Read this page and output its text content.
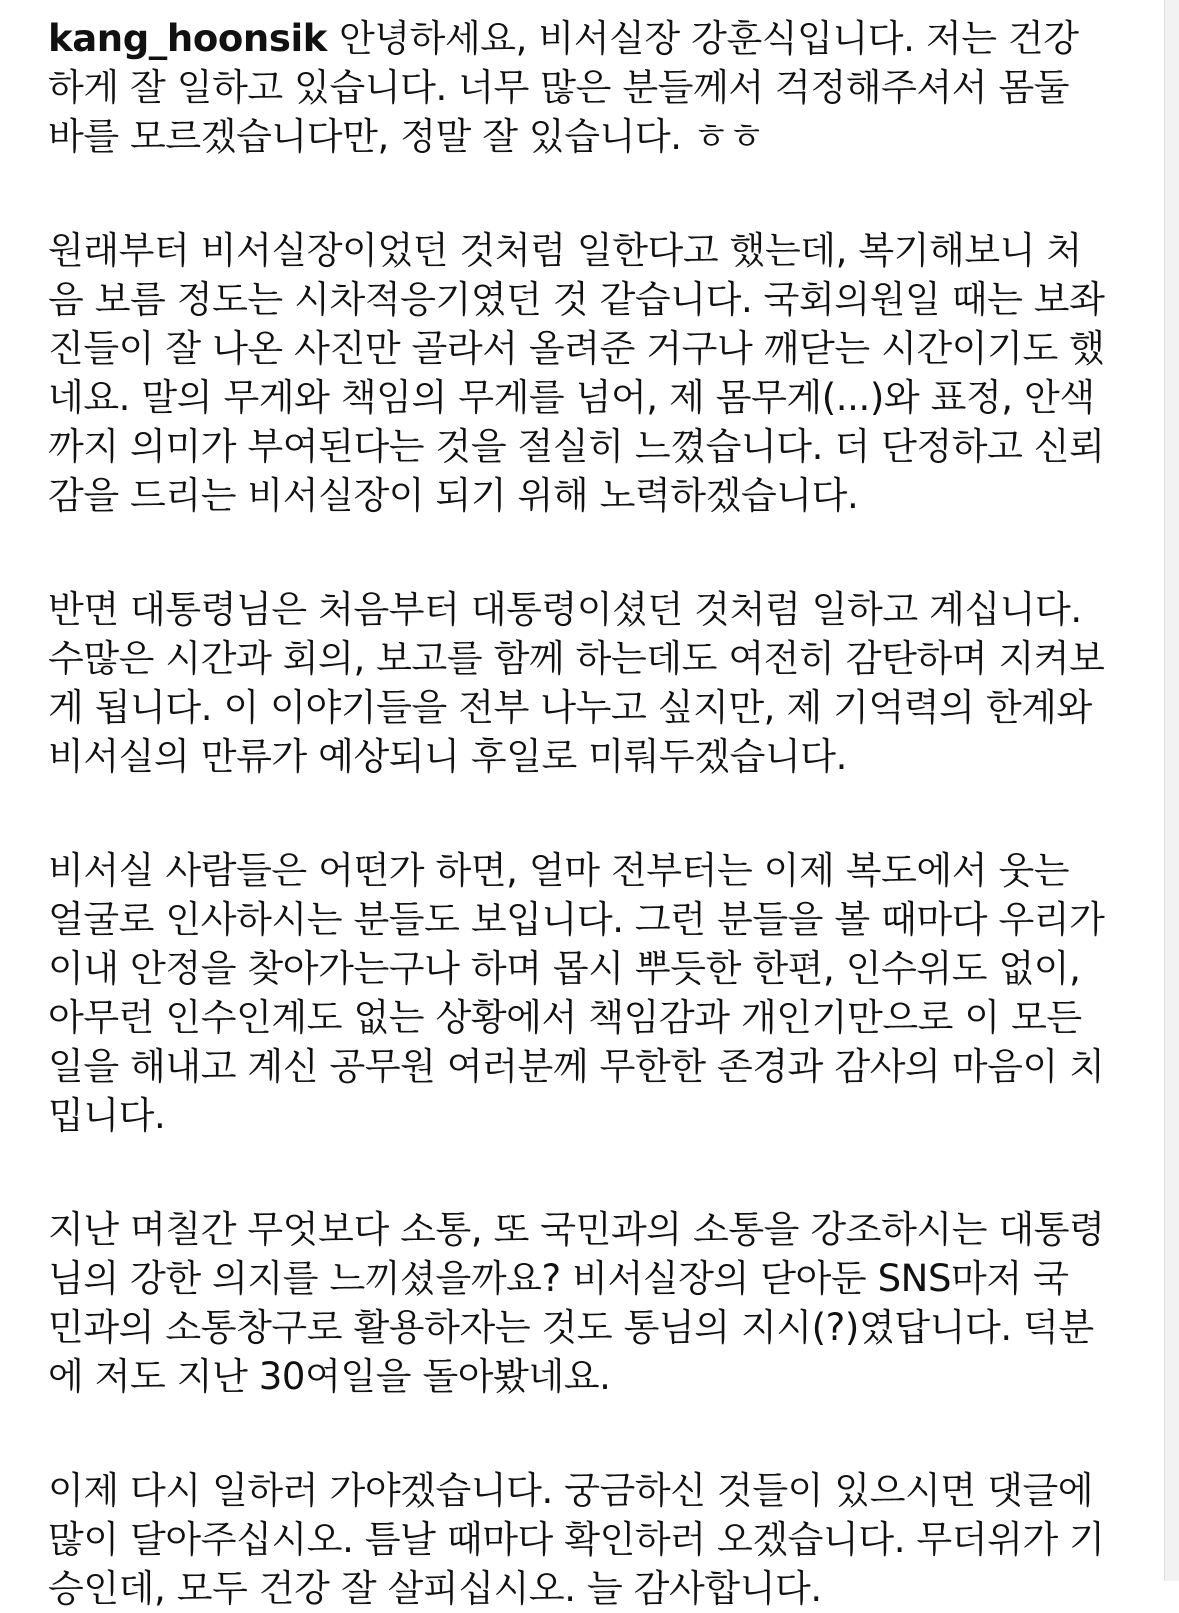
kang_hoonsik 안녕하세요, 비서실장 강훈식입니다. 저는 건강
하게 잘 일하고 있습니다. 너무 많은 분들께서 걱정해주셔서 몸둘
바를 모르겠습니다만, 정말 잘 있습니다. ㅎㅎ
원래부터 비서실장이었던 것처럼 일한다고 했는데, 복기해보니 처
음 보름 정도는 시차적응기였던 것 같습니다. 국회의원일 때는 보좌
진들이 잘 나온 사진만 골라서 올려준 거구나 깨닫는 시간이기도 했
네요. 말의 무게와 책임의 무게를 넘어, 제 몸무게(...)와 표정, 안색
까지 의미가 부여된다는 것을 절실히 느꼈습니다. 더 단정하고 신뢰
감을 드리는 비서실장이 되기 위해 노력하겠습니다.
반면 대통령님은 처음부터 대통령이셨던 것처럼 일하고 계십니다.
수많은 시간과 회의, 보고를 함께 하는데도 여전히 감탄하며 지켜보
게 됩니다. 이 이야기들을 전부 나누고 싶지만, 제 기억력의 한계와
비서실의 만류가 예상되니 후일로 미뤄두겠습니다.
비서실 사람들은 어떤가 하면, 얼마 전부터는 이제 복도에서 웃는
얼굴로 인사하시는 분들도 보입니다. 그런 분들을 볼 때마다 우리가
이내 안정을 찾아가는구나 하며 몹시 뿌듯한 한편, 인수위도 없이,
아무런 인수인계도 없는 상황에서 책임감과 개인기만으로 이 모든
일을 해내고 계신 공무원 여러분께 무한한 존경과 감사의 마음이 치
밉니다.
지난 며칠간 무엇보다 소통, 또 국민과의 소통을 강조하시는 대통령
님의 강한 의지를 느끼셨을까요? 비서실장의 닫아둔 SNS마저 국
민과의 소통창구로 활용하자는 것도 통님의 지시(?)였답니다. 덕분
에 저도 지난 30여일을 돌아봤네요.
이제 다시 일하러 가야겠습니다. 궁금하신 것들이 있으시면 댓글에
많이 달아주십시오. 틈날 때마다 확인하러 오겠습니다. 무더위가 기
승인데, 모두 건강 잘 살피십시오. 늘 감사합니다.
